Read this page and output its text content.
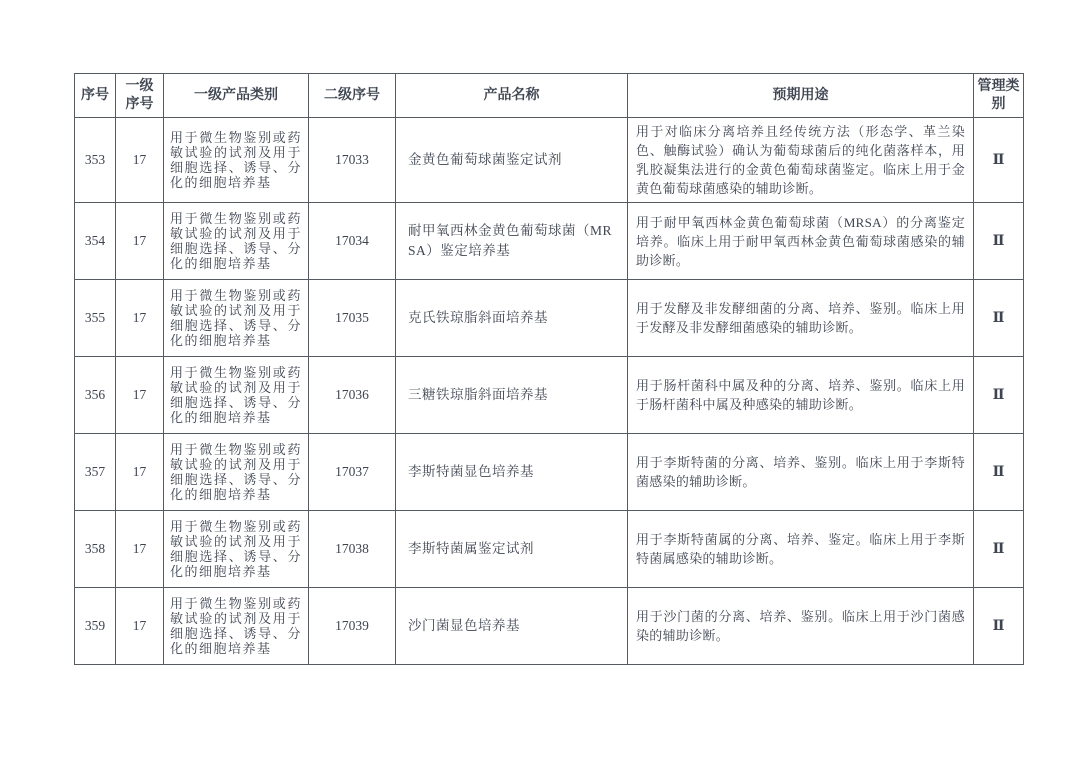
序号	一级序号	一级产品类别	二级序号	产品名称	预期用途	管理类别
353	17	用于微生物鉴别或药敏试验的试剂及用于细胞选择、诱导、分化的细胞培养基	17033	金黄色葡萄球菌鉴定试剂	用于对临床分离培养且经传统方法（形态学、革兰染色、触酶试验）确认为葡萄球菌后的纯化菌落样本，用乳胶凝集法进行的金黄色葡萄球菌鉴定。临床上用于金黄色葡萄球菌感染的辅助诊断。	Ⅱ
354	17	用于微生物鉴别或药敏试验的试剂及用于细胞选择、诱导、分化的细胞培养基	17034	耐甲氧西林金黄色葡萄球菌（MRSA）鉴定培养基	用于耐甲氧西林金黄色葡萄球菌（MRSA）的分离鉴定培养。临床上用于耐甲氧西林金黄色葡萄球菌感染的辅助诊断。	Ⅱ
355	17	用于微生物鉴别或药敏试验的试剂及用于细胞选择、诱导、分化的细胞培养基	17035	克氏铁琼脂斜面培养基	用于发酵及非发酵细菌的分离、培养、鉴别。临床上用于发酵及非发酵细菌感染的辅助诊断。	Ⅱ
356	17	用于微生物鉴别或药敏试验的试剂及用于细胞选择、诱导、分化的细胞培养基	17036	三糖铁琼脂斜面培养基	用于肠杆菌科中属及种的分离、培养、鉴别。临床上用于肠杆菌科中属及种感染的辅助诊断。	Ⅱ
357	17	用于微生物鉴别或药敏试验的试剂及用于细胞选择、诱导、分化的细胞培养基	17037	李斯特菌显色培养基	用于李斯特菌的分离、培养、鉴别。临床上用于李斯特菌感染的辅助诊断。	Ⅱ
358	17	用于微生物鉴别或药敏试验的试剂及用于细胞选择、诱导、分化的细胞培养基	17038	李斯特菌属鉴定试剂	用于李斯特菌属的分离、培养、鉴定。临床上用于李斯特菌属感染的辅助诊断。	Ⅱ
359	17	用于微生物鉴别或药敏试验的试剂及用于细胞选择、诱导、分化的细胞培养基	17039	沙门菌显色培养基	用于沙门菌的分离、培养、鉴别。临床上用于沙门菌感染的辅助诊断。	Ⅱ
